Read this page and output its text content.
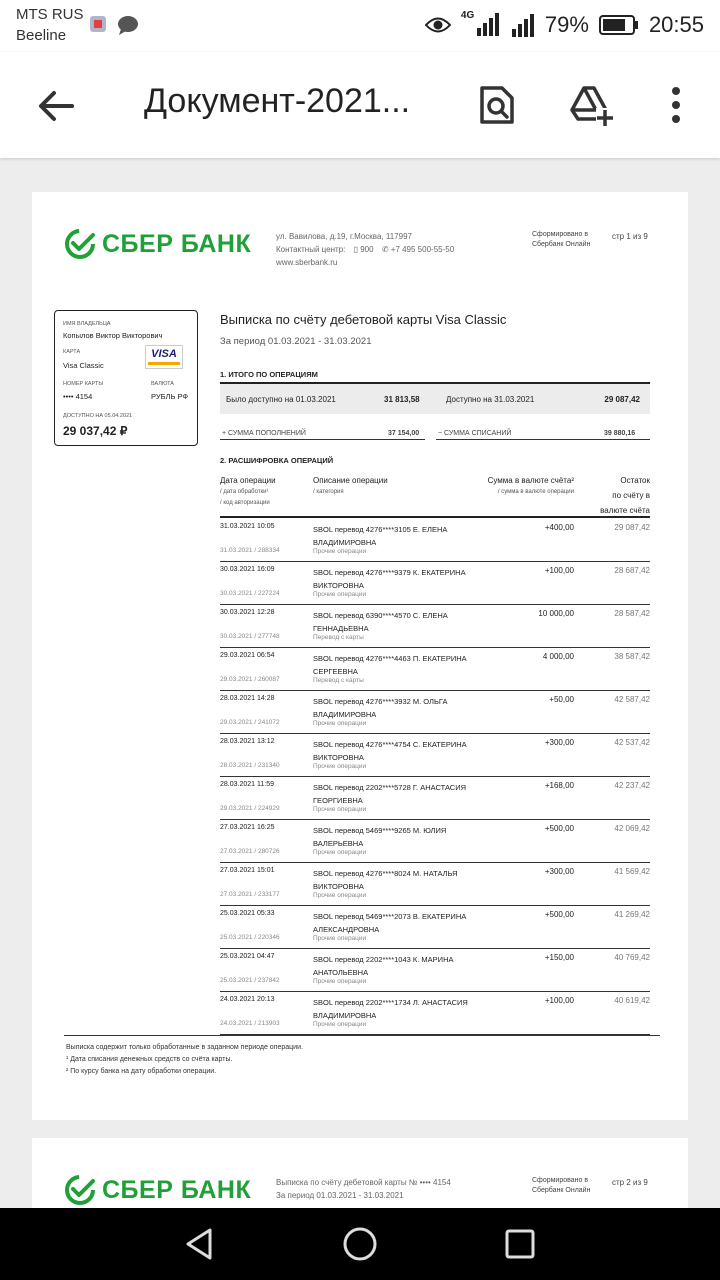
MTS RUS
Beeline
4G	79%	20:55
Документ-2021...
СБЕР БАНК	ул. Вавилова, д.19, г.Москва, 117997
Контактный центр: ▯ 900 ✆ +7 495 500-55-50
www.sberbank.ru
Сформировано в
Сбербанк Онлайн
стр 1 из 9
ИМЯ ВЛАДЕЛЬЦА
Копылов Виктор Викторович
КАРТА
Visa Classic
VISA
НОМЕР КАРТЫ
•••• 4154
ВАЛЮТА
РУБЛЬ РФ
ДОСТУПНО НА 05.04.2021
29 037,42 ₽
Выписка по счёту дебетовой карты Visa Classic
За период 01.03.2021 - 31.03.2021
1. ИТОГО ПО ОПЕРАЦИЯМ
Было доступно на 01.03.2021	31 813,58	Доступно на 31.03.2021	29 087,42
+ СУММА ПОПОЛНЕНИЙ	37 154,00	− СУММА СПИСАНИЙ	39 880,16
2. РАСШИФРОВКА ОПЕРАЦИЙ
Дата операции
/ дата обработки¹
/ код авторизации
Описание операции
/ категория
Сумма в валюте счёта²
/ сумма в валюте операции
Остаток
по счёту в
валюте счёта
31.03.2021 10:05
31.03.2021 / 288334
SBOL перевод 4276****3105 Е. ЕЛЕНА ВЛАДИМИРОВНА
Прочие операции
+400,00	29 087,42
30.03.2021 16:09
30.03.2021 / 227224
SBOL перевод 4276****9379 К. ЕКАТЕРИНА ВИКТОРОВНА
Прочие операции
+100,00	28 687,42
30.03.2021 12:28
30.03.2021 / 277748
SBOL перевод 6390****4570 С. ЕЛЕНА ГЕННАДЬЕВНА
Перевод с карты
10 000,00	28 587,42
29.03.2021 06:54
29.03.2021 / 260087
SBOL перевод 4276****4463 П. ЕКАТЕРИНА СЕРГЕЕВНА
Перевод с карты
4 000,00	38 587,42
28.03.2021 14:28
29.03.2021 / 241072
SBOL перевод 4276****3932 М. ОЛЬГА ВЛАДИМИРОВНА
Прочие операции
+50,00	42 587,42
28.03.2021 13:12
28.03.2021 / 231340
SBOL перевод 4276****4754 С. ЕКАТЕРИНА ВИКТОРОВНА
Прочие операции
+300,00	42 537,42
28.03.2021 11:59
29.03.2021 / 224929
SBOL перевод 2202****5728 Г. АНАСТАСИЯ ГЕОРГИЕВНА
Прочие операции
+168,00	42 237,42
27.03.2021 16:25
27.03.2021 / 280726
SBOL перевод 5469****9265 М. ЮЛИЯ ВАЛЕРЬЕВНА
Прочие операции
+500,00	42 069,42
27.03.2021 15:01
27.03.2021 / 233177
SBOL перевод 4276****8024 М. НАТАЛЬЯ ВИКТОРОВНА
Прочие операции
+300,00	41 569,42
25.03.2021 05:33
25.03.2021 / 220346
SBOL перевод 5469****2073 В. ЕКАТЕРИНА АЛЕКСАНДРОВНА
Прочие операции
+500,00	41 269,42
25.03.2021 04:47
25.03.2021 / 237842
SBOL перевод 2202****1043 К. МАРИНА АНАТОЛЬЕВНА
Прочие операции
+150,00	40 769,42
24.03.2021 20:13
24.03.2021 / 213903
SBOL перевод 2202****1734 Л. АНАСТАСИЯ ВЛАДИМИРОВНА
Прочие операции
+100,00	40 619,42
Выписка содержит только обработанные в заданном периоде операции.
¹ Дата списания денежных средств со счёта карты.
² По курсу банка на дату обработки операции.
СБЕР БАНК	Выписка по счёту дебетовой карты № •••• 4154
За период 01.03.2021 - 31.03.2021
Сформировано в
Сбербанк Онлайн
стр 2 из 9
